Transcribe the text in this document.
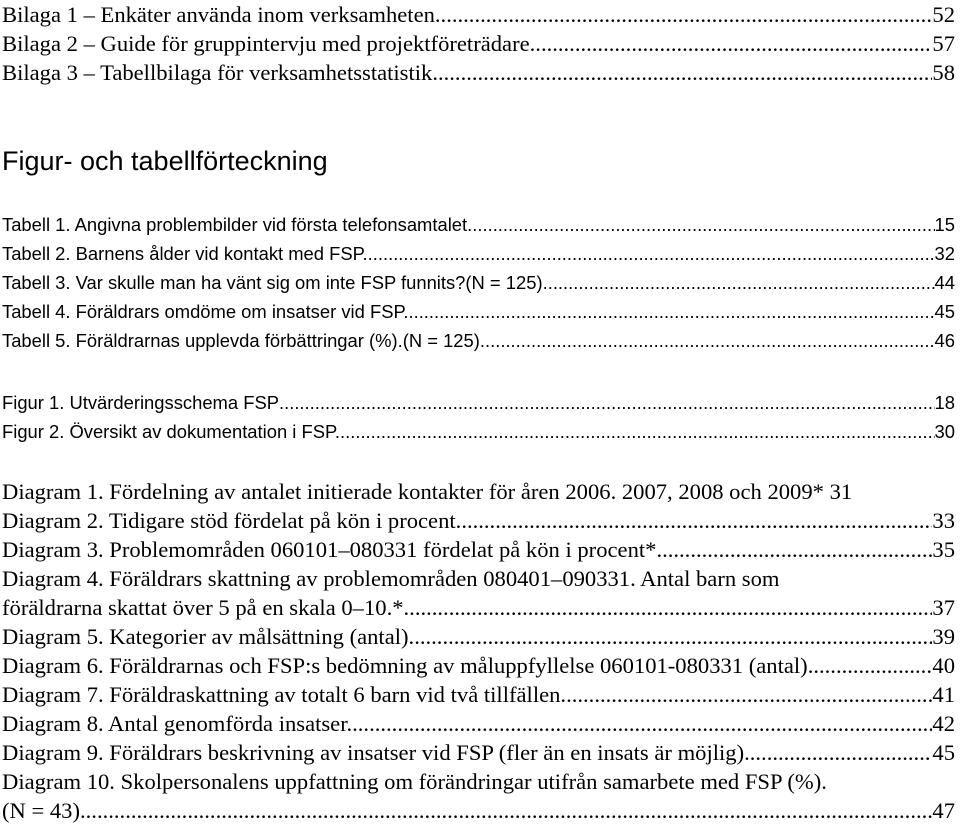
Bilaga 1 – Enkäter använda inom verksamheten .....	52
Bilaga 2 – Guide för gruppintervju med projektföreträdare .....	57
Bilaga 3 – Tabellbilaga för verksamhetsstatistik .....	58
Figur- och tabellförteckning
Tabell 1. Angivna problembilder vid första telefonsamtalet .....	15
Tabell 2. Barnens ålder vid kontakt med FSP. .....	32
Tabell 3. Var skulle man ha vänt sig om inte FSP funnits?(N = 125) .....	44
Tabell 4. Föräldrars omdöme om insatser vid FSP. .....	45
Tabell 5. Föräldrarnas upplevda förbättringar (%).(N = 125) .....	46
Figur 1. Utvärderingsschema FSP .....	18
Figur 2. Översikt av dokumentation i FSP. .....	30
Diagram 1. Fördelning av antalet initierade kontakter för åren 2006. 2007, 2008 och 2009* 31
Diagram 2. Tidigare stöd fördelat på kön i procent. .....	33
Diagram 3. Problemområden 060101–080331 fördelat på kön i procent* .....	35
Diagram 4. Föräldrars skattning av problemområden 080401–090331. Antal barn som
föräldrarna skattat över 5 på en skala 0–10.* .....	37
Diagram 5. Kategorier av målsättning (antal) .....	39
Diagram 6. Föräldrarnas och FSP:s bedömning av måluppfyllelse 060101-080331 (antal) .....	40
Diagram 7. Föräldraskattning av totalt 6 barn vid två tillfällen. .....	41
Diagram 8. Antal genomförda insatser. .....	42
Diagram 9. Föräldrars beskrivning av insatser vid FSP (fler än en insats är möjlig). .....	45
Diagram 10. Skolpersonalens uppfattning om förändringar utifrån samarbete med FSP (%).
(N = 43) .....	47
